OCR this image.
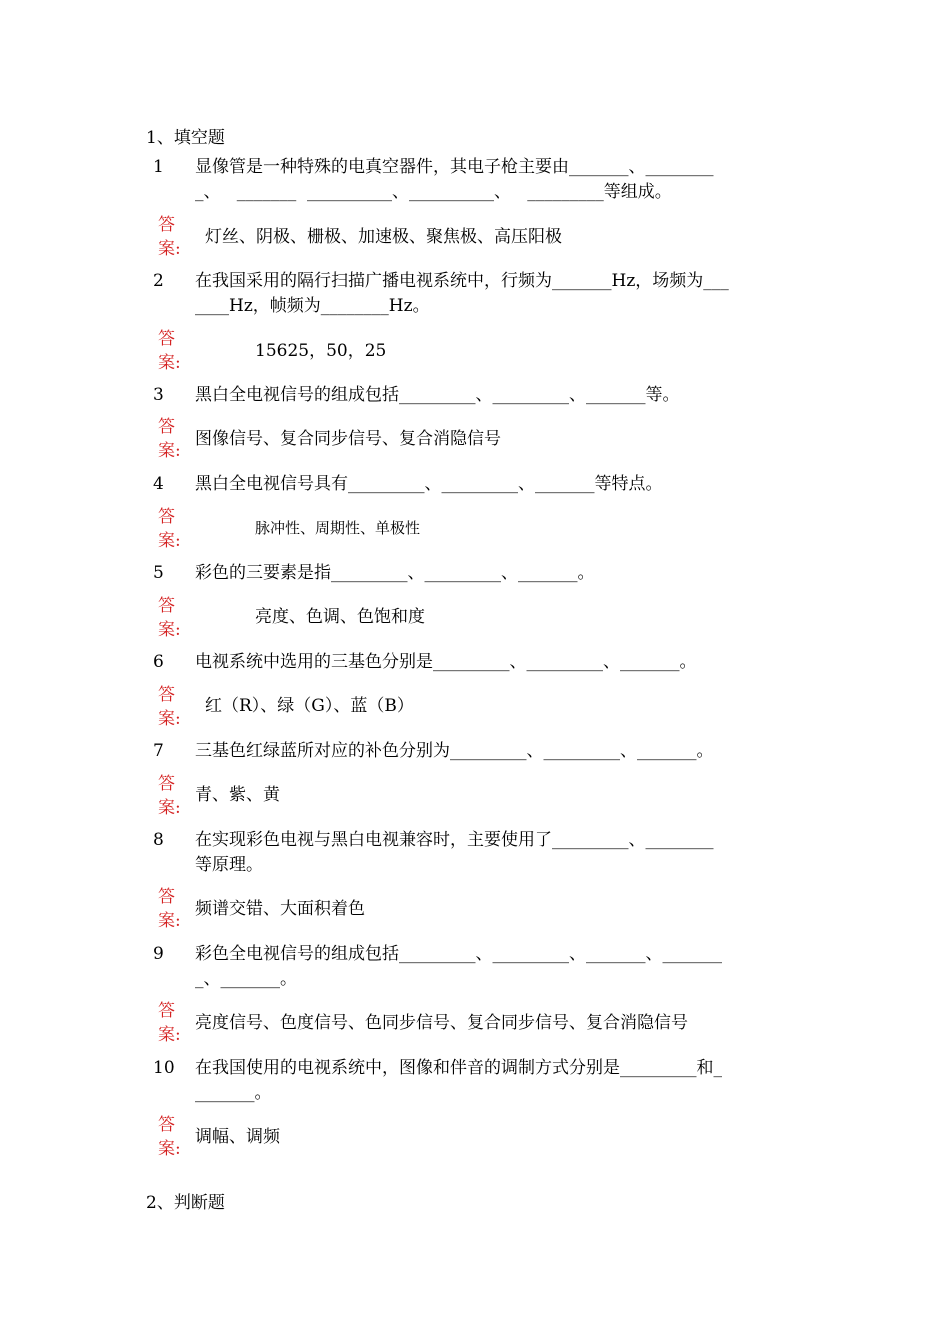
1、填空题
1 显像管是一种特殊的电真空器件，其电子枪主要由_______、________
_、   _______  __________、__________、   _________等组成。
答
案:
灯丝、阴极、栅极、加速极、聚焦极、高压阳极
2 在我国采用的隔行扫描广播电视系统中，行频为_______Hz，场频为___
____Hz，帧频为________Hz。
答
案:
15625，50，25
3 黑白全电视信号的组成包括_________、_________、_______等。
答
案:
图像信号、复合同步信号、复合消隐信号
4 黑白全电视信号具有_________、_________、_______等特点。
答
案:
脉冲性、周期性、单极性
5 彩色的三要素是指_________、_________、_______。
答
案:
亮度、色调、色饱和度
6 电视系统中选用的三基色分别是_________、_________、_______。
答
案:
红（R）、绿（G）、蓝（B）
7 三基色红绿蓝所对应的补色分别为_________、_________、_______。
答
案:
青、紫、黄
8 在实现彩色电视与黑白电视兼容时，主要使用了_________、________
等原理。
答
案:
频谱交错、大面积着色
9 彩色全电视信号的组成包括_________、_________、_______、_______
_、_______。
答
案:
亮度信号、色度信号、色同步信号、复合同步信号、复合消隐信号
10 在我国使用的电视系统中，图像和伴音的调制方式分别是_________和_
_______。
答
案:
调幅、调频
2、判断题
